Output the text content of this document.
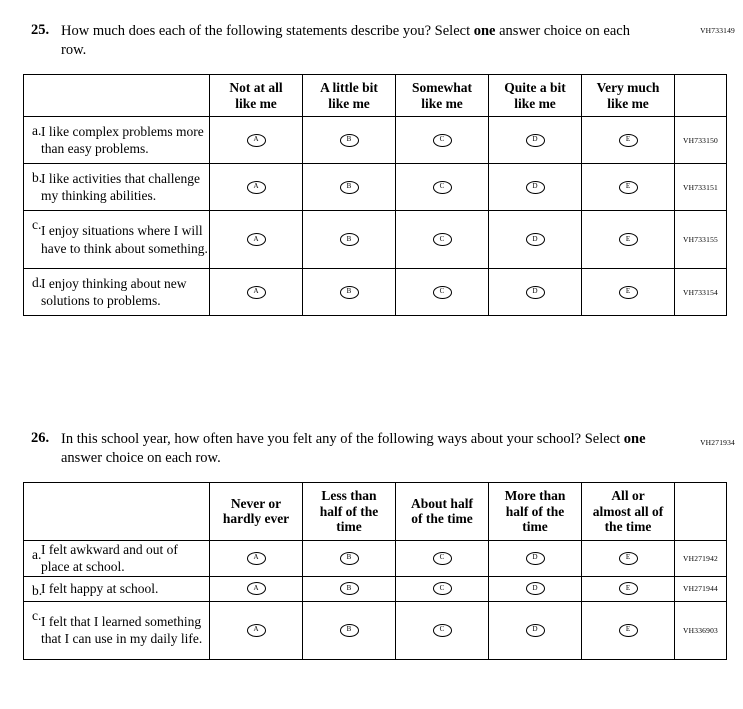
VH733149
25. How much does each of the following statements describe you? Select one answer choice on each row.

Not at all
like me

A little bit
like me

Somewhat
like me

Quite a bit
like me

Very much
like me

a. I like complex problems more than easy problems.	A	B	C	D	E	VH733150

b.
I like activities that challenge my thinking abilities.	A	B	C	D	E	VH733151

c. I enjoy situations where I will have to think about something.	A	B	C	D	E	VH733155

d.
I enjoy thinking about new solutions to problems.	A	B	C	D	E	VH733154
VH271934
26. In this school year, how often have you felt any of the following ways about your school? Select one answer choice on each row.

Never or
hardly ever

Less than
half of the
time

About half
of the time

More than
half of the
time

All or
almost all of
the time

a. I felt awkward and out of place at school.	A	B	C	D	E	VH271942

b.
I felt happy at school.	A	B	C	D	E	VH271944

c. I felt that I learned something that I can use in my daily life.	A	B	C	D	E	VH336903
